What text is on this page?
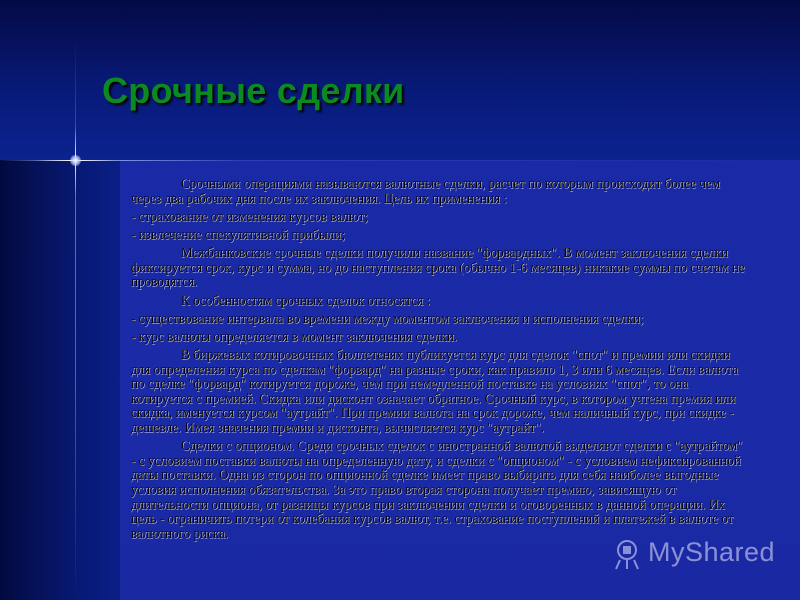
Срочные сделки

Срочными операциями называются валютные сделки, расчет по которым происходит более чем через два рабочих дня после их заключения. Цель их применения :

- страхование от изменения курсов валют;

- извлечение спекулятивной прибыли;

Межбанковские срочные сделки получили название "форвардных". В момент заключения сделки фиксируется срок, курс и сумма, но до наступления срока (обычно 1-6 месяцев) никакие суммы по счетам не проводятся.

К особенностям срочных сделок относятся :

- существование интервала во времени между моментом заключения и исполнения сделки;

- курс валюты определяется в момент заключения сделки.

В биржевых котировочных бюллетенях публикуется курс для сделок "спот" и премии или скидки для определения курса по сделкам "форвард" на разные сроки, как правило 1, 3 или 6 месяцев. Если валюта по сделке "форвард" котируется дороже, чем при немедленной поставке на условиях "спот", то она котируется с премией. Скидка или дисконт означает обратное. Срочный курс, в котором учтена премия или скидка, именуется курсом "аутрайт". При премии валюта на срок дороже, чем наличный курс, при скидке - дешевле. Имея значения премии и дисконта, вычисляется курс "аутрайт".

Сделки с опционом. Среди срочных сделок с иностранной валютой выделяют сделки с "аутрайтом" - с условием поставки валюты на определенную дату, и сделки с "опционом" - с условием нефиксированной даты поставки. Одна из сторон по опционной сделке имеет право выбирать для себя наиболее выгодные условия исполнения обязательства. За это право вторая сторона получает премию, зависящую от длительности опциона, от разницы курсов при заключении сделки и оговоренных в данной операции. Их цель - ограничить потери от колебания курсов валют, т.е. страхование поступлений и платежей в валюте от валютного риска.

MyShared
